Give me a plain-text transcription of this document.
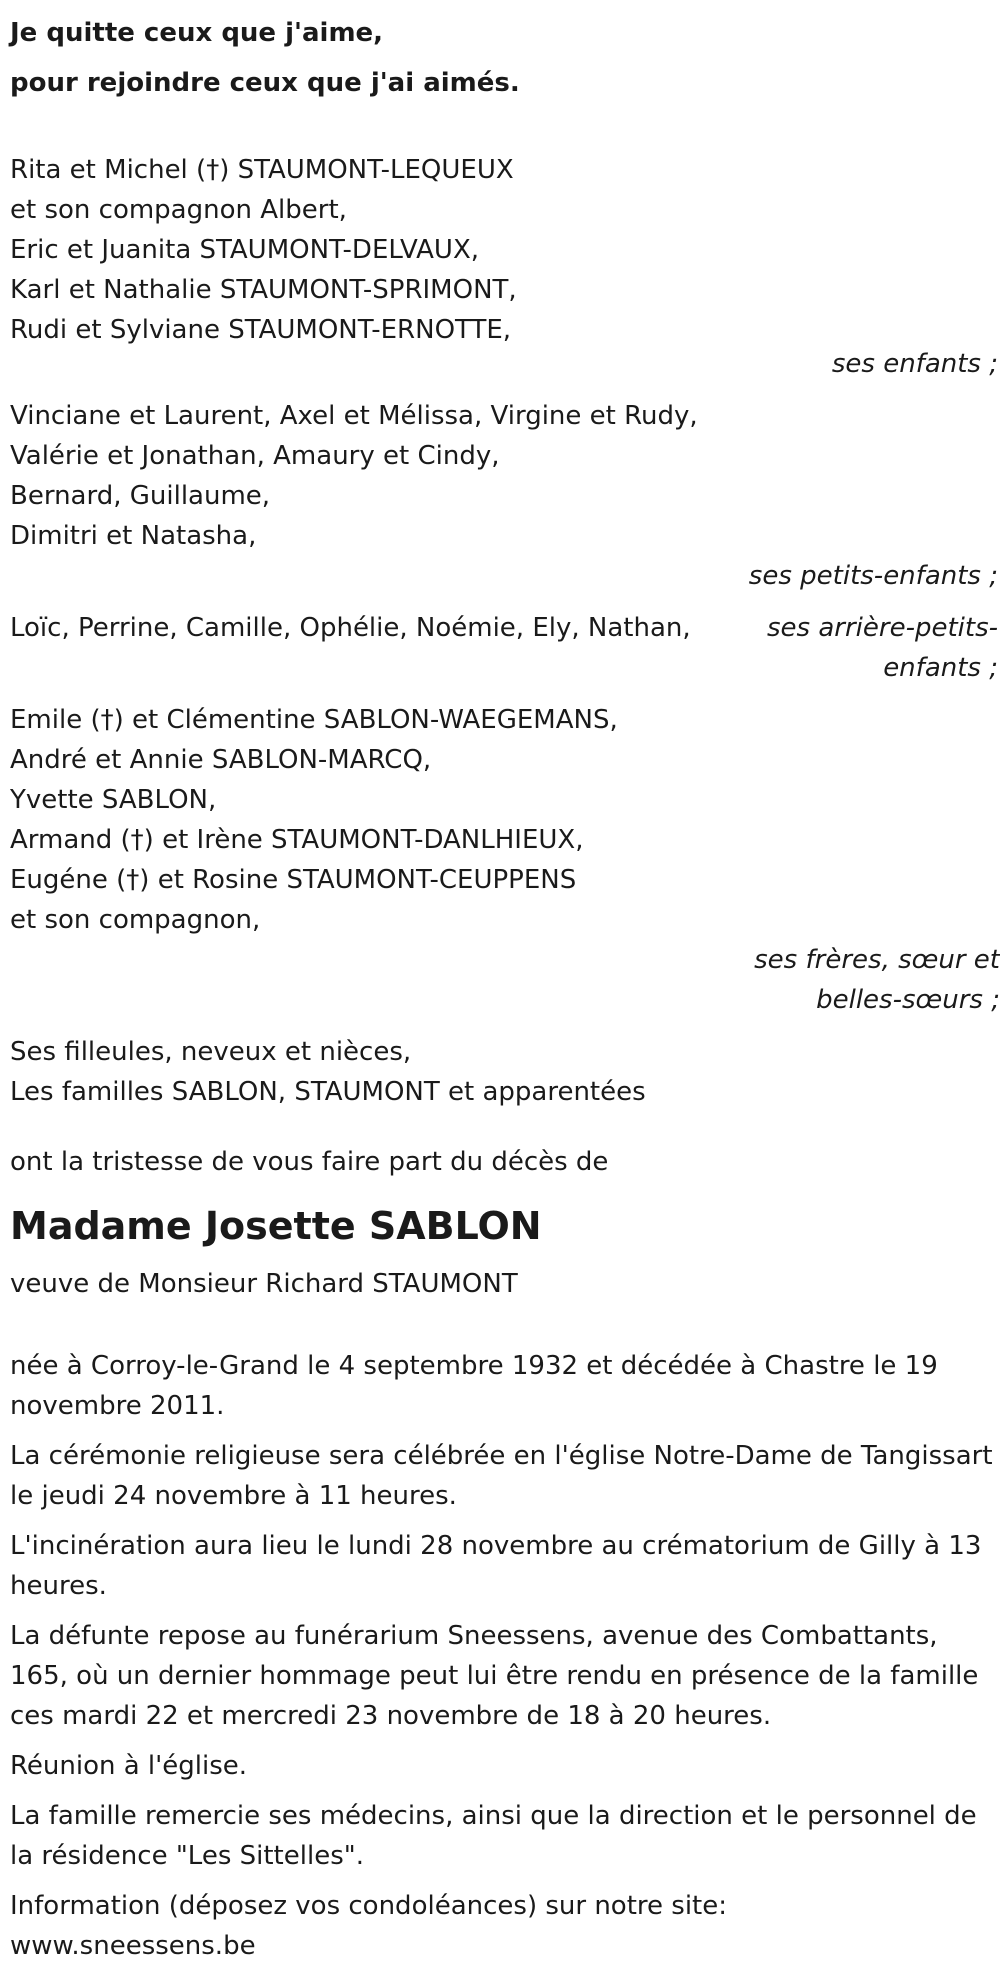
Je quitte ceux que j'aime,
pour rejoindre ceux que j'ai aimés.
Rita et Michel (†) STAUMONT-LEQUEUX
et son compagnon Albert,
Eric et Juanita STAUMONT-DELVAUX,
Karl et Nathalie STAUMONT-SPRIMONT,
Rudi et Sylviane STAUMONT-ERNOTTE,
ses enfants ;
Vinciane et Laurent, Axel et Mélissa, Virgine et Rudy,
Valérie et Jonathan, Amaury et Cindy,
Bernard, Guillaume,
Dimitri et Natasha,
ses petits-enfants ;
Loïc, Perrine, Camille, Ophélie, Noémie, Ely, Nathan,	ses arrière-petits-enfants ;
Emile (†) et Clémentine SABLON-WAEGEMANS,
André et Annie SABLON-MARCQ,
Yvette SABLON,
Armand (†) et Irène STAUMONT-DANLHIEUX,
Eugéne (†) et Rosine STAUMONT-CEUPPENS
et son compagnon,
ses frères, sœur et belles-sœurs ;
Ses filleules, neveux et nièces,
Les familles SABLON, STAUMONT et apparentées
ont la tristesse de vous faire part du décès de
Madame Josette SABLON
veuve de Monsieur Richard STAUMONT

née à Corroy-le-Grand le 4 septembre 1932 et décédée à Chastre le 19 novembre 2011.

La cérémonie religieuse sera célébrée en l'église Notre-Dame de Tangissart le jeudi 24 novembre à 11 heures.

L'incinération aura lieu le lundi 28 novembre au crématorium de Gilly à 13 heures.

La défunte repose au funérarium Sneessens, avenue des Combattants, 165, où un dernier hommage peut lui être rendu en présence de la famille ces mardi 22 et mercredi 23 novembre de 18 à 20 heures.

Réunion à l'église.

La famille remercie ses médecins, ainsi que la direction et le personnel de la résidence "Les Sittelles".

Information (déposez vos condoléances) sur notre site:
www.sneessens.be
